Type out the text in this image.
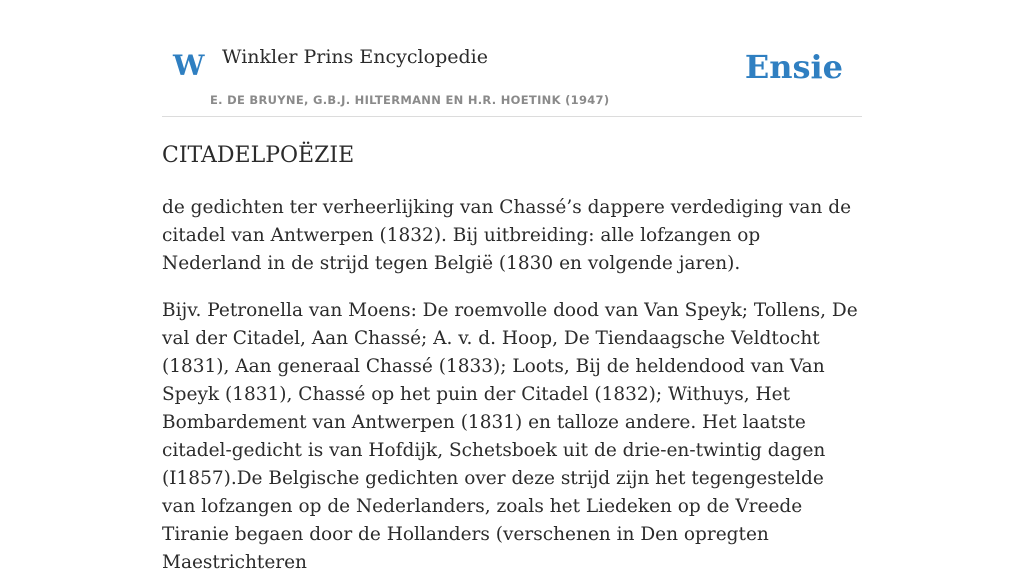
W Winkler Prins Encyclopedie
E. DE BRUYNE, G.B.J. HILTERMANN EN H.R. HOETINK (1947)
Ensie
CITADELPOËZIE

de gedichten ter verheerlijking van Chassé’s dappere verdediging van de citadel van Antwerpen (1832). Bij uitbreiding: alle lofzangen op Nederland in de strijd tegen België (1830 en volgende jaren).

Bijv. Petronella van Moens: De roemvolle dood van Van Speyk; Tollens, De val der Citadel, Aan Chassé; A. v. d. Hoop, De Tiendaagsche Veldtocht (1831), Aan generaal Chassé (1833); Loots, Bij de heldendood van Van Speyk (1831), Chassé op het puin der Citadel (1832); Withuys, Het Bombardement van Antwerpen (1831) en talloze andere. Het laatste citadel-gedicht is van Hofdijk, Schetsboek uit de drie-en-twintig dagen (I1857).De Belgische gedichten over deze strijd zijn het tegengestelde van lofzangen op de Nederlanders, zoals het Liedeken op de Vreede Tiranie begaen door de Hollanders (verschenen in Den opregten Maestrichteren
